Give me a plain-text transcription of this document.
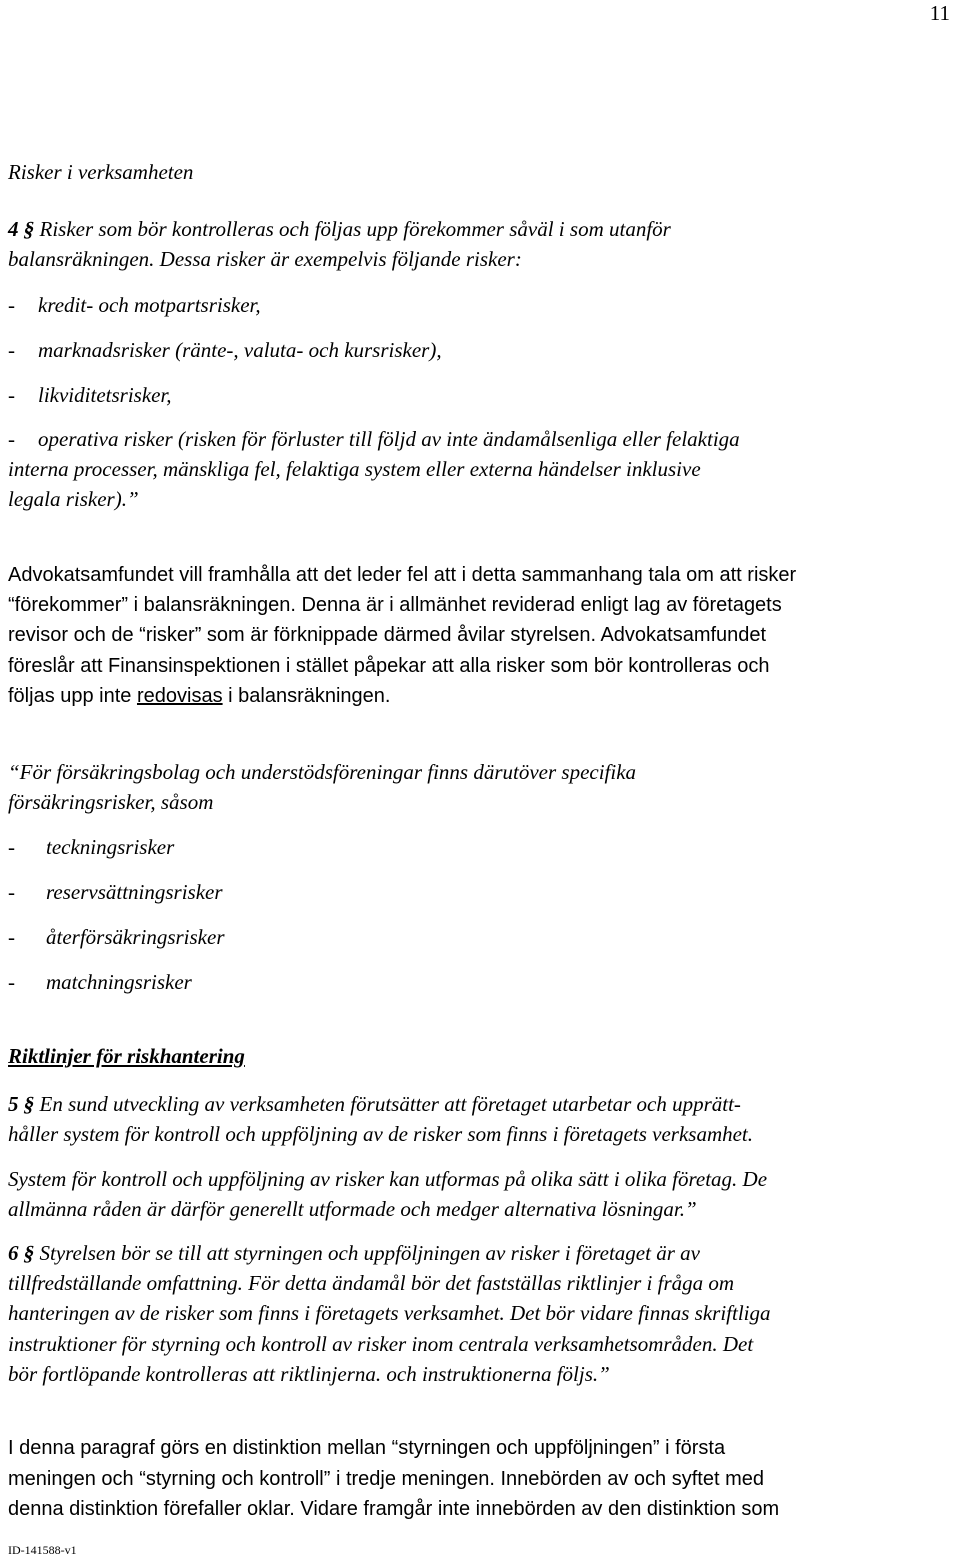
11
Risker i verksamheten
4 § Risker som bör kontrolleras och följas upp förekommer såväl i som utanför
balansräkningen. Dessa risker är exempelvis följande risker:
- kredit- och motpartsrisker,
- marknadsrisker (ränte-, valuta- och kursrisker),
- likviditetsrisker,
- operativa risker (risken för förluster till följd av inte ändamålsenliga eller felaktiga
interna processer, mänskliga fel, felaktiga system eller externa händelser inklusive
legala risker).”
Advokatsamfundet vill framhålla att det leder fel att i detta sammanhang tala om att risker
“förekommer” i balansräkningen. Denna är i allmänhet reviderad enligt lag av företagets
revisor och de “risker” som är förknippade därmed åvilar styrelsen. Advokatsamfundet
föreslår att Finansinspektionen i stället påpekar att alla risker som bör kontrolleras och
följas upp inte redovisas i balansräkningen.
“För försäkringsbolag och understödsföreningar finns därutöver specifika
försäkringsrisker, såsom
- teckningsrisker
- reservsättningsrisker
- återförsäkringsrisker
- matchningsrisker
Riktlinjer för riskhantering
5 § En sund utveckling av verksamheten förutsätter att företaget utarbetar och upprätt-
håller system för kontroll och uppföljning av de risker som finns i företagets verksamhet.
System för kontroll och uppföljning av risker kan utformas på olika sätt i olika företag. De
allmänna råden är därför generellt utformade och medger alternativa lösningar.”
6 § Styrelsen bör se till att styrningen och uppföljningen av risker i företaget är av
tillfredställande omfattning. För detta ändamål bör det fastställas riktlinjer i fråga om
hanteringen av de risker som finns i företagets verksamhet. Det bör vidare finnas skriftliga
instruktioner för styrning och kontroll av risker inom centrala verksamhetsområden. Det
bör fortlöpande kontrolleras att riktlinjerna. och instruktionerna följs.”
I denna paragraf görs en distinktion mellan “styrningen och uppföljningen” i första
meningen och “styrning och kontroll” i tredje meningen. Innebörden av och syftet med
denna distinktion förefaller oklar. Vidare framgår inte innebörden av den distinktion som
ID-141588-v1
